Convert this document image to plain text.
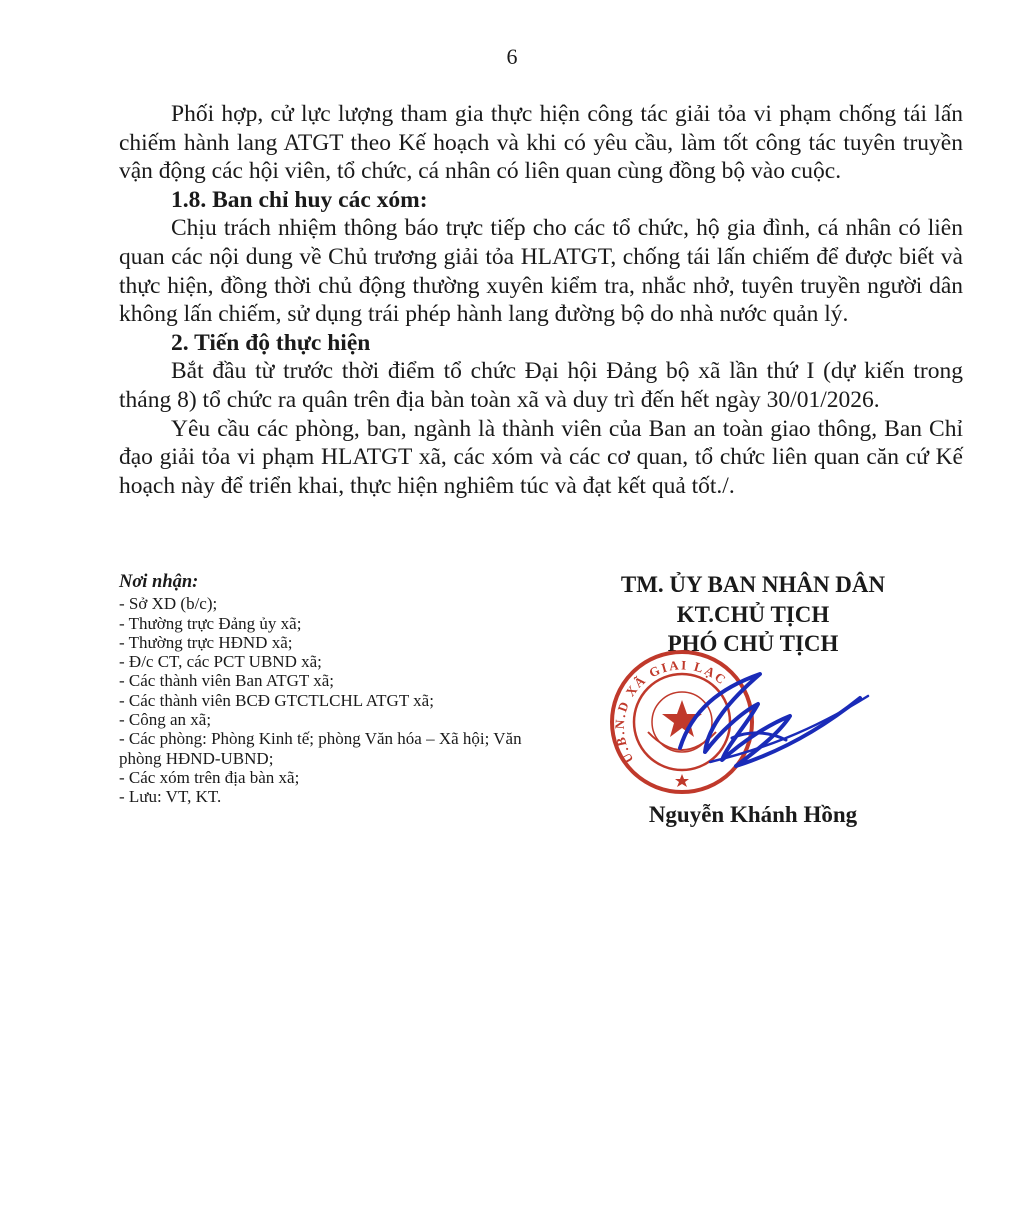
6

Phối hợp, cử lực lượng tham gia thực hiện công tác giải tỏa vi phạm chống tái lấn chiếm hành lang ATGT theo Kế hoạch và khi có yêu cầu, làm tốt công tác tuyên truyền vận động các hội viên, tổ chức, cá nhân có liên quan cùng đồng bộ vào cuộc.

1.8. Ban chỉ huy các xóm:

Chịu trách nhiệm thông báo trực tiếp cho các tổ chức, hộ gia đình, cá nhân có liên quan các nội dung về Chủ trương giải tỏa HLATGT, chống tái lấn chiếm để được biết và thực hiện, đồng thời chủ động thường xuyên kiểm tra, nhắc nhở, tuyên truyền người dân không lấn chiếm, sử dụng trái phép hành lang đường bộ do nhà nước quản lý.

2. Tiến độ thực hiện

Bắt đầu từ trước thời điểm tổ chức Đại hội Đảng bộ xã lần thứ I (dự kiến trong tháng 8) tổ chức ra quân trên địa bàn toàn xã và duy trì đến hết ngày 30/01/2026.

Yêu cầu các phòng, ban, ngành là thành viên của Ban an toàn giao thông, Ban Chỉ đạo giải tỏa vi phạm HLATGT xã, các xóm và các cơ quan, tổ chức liên quan căn cứ Kế hoạch này để triển khai, thực hiện nghiêm túc và đạt kết quả tốt./.

Nơi nhận:
- Sở XD (b/c);
- Thường trực Đảng ủy xã;
- Thường trực HĐND xã;
- Đ/c CT, các PCT UBND xã;
- Các thành viên Ban ATGT xã;
- Các thành viên BCĐ GTCTLCHL ATGT xã;
- Công an xã;
- Các phòng: Phòng Kinh tế; phòng Văn hóa – Xã hội; Văn phòng HĐND-UBND;
- Các xóm trên địa bàn xã;
- Lưu: VT, KT.
TM. ỦY BAN NHÂN DÂN
KT.CHỦ TỊCH
PHÓ CHỦ TỊCH
U.B.N.D XÃ GIAI LẠC
Nguyễn Khánh Hồng
